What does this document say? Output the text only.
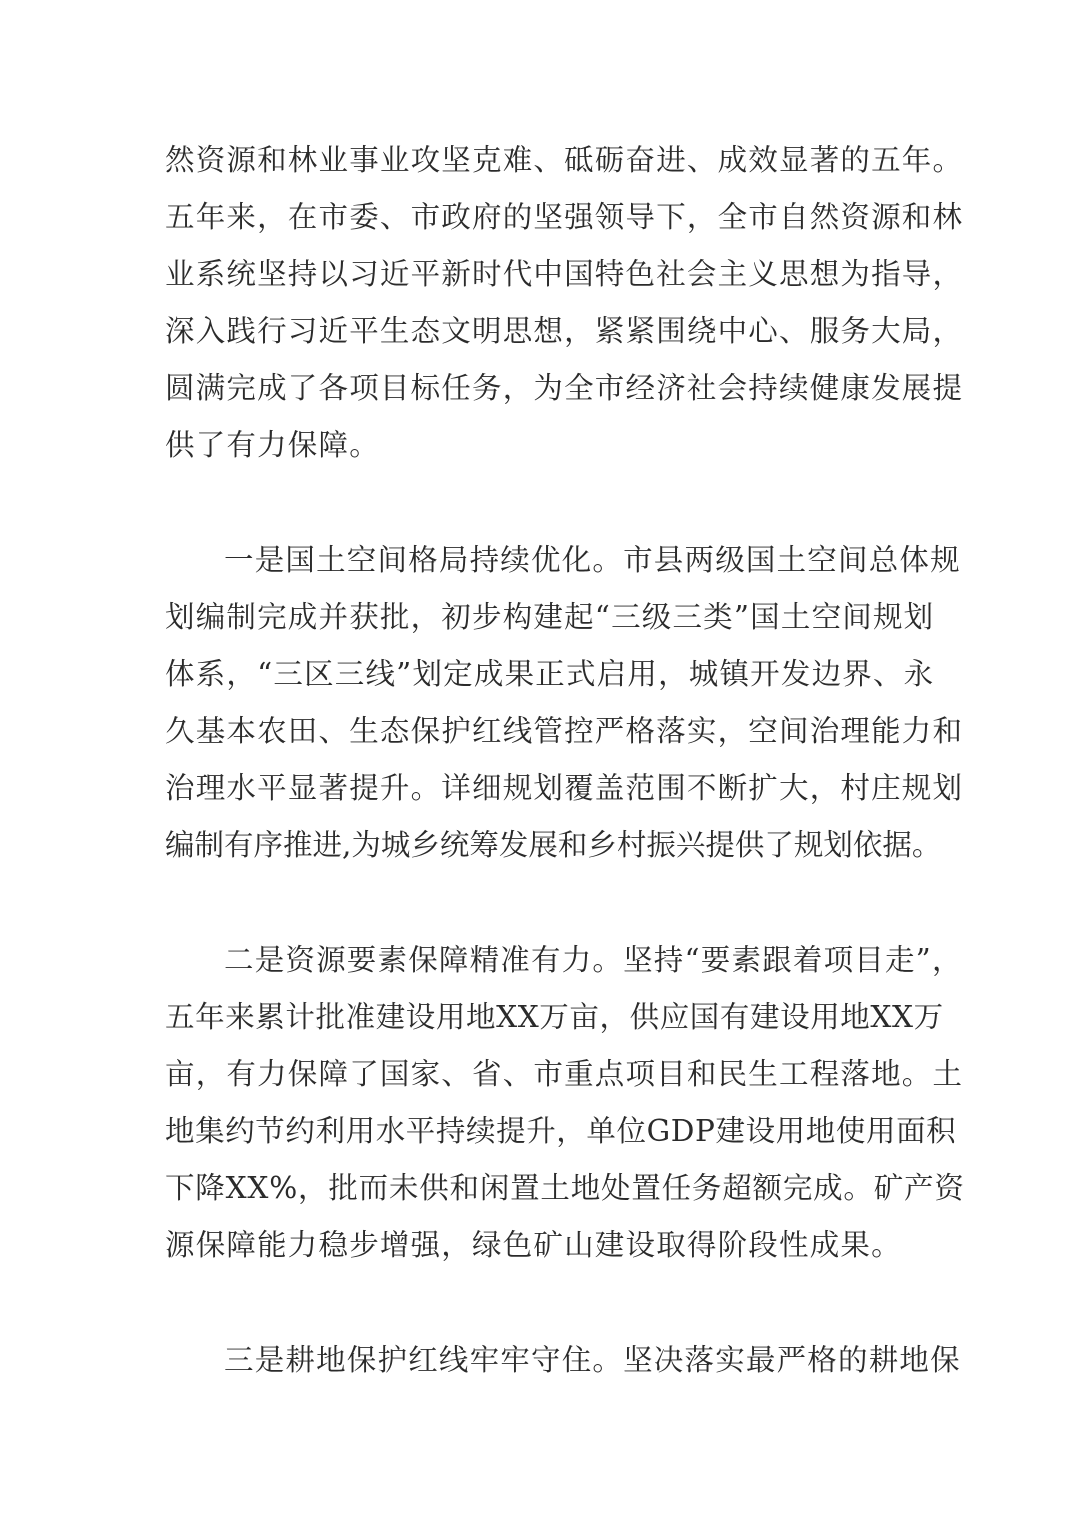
然资源和林业事业攻坚克难、砥砺奋进、成效显著的五年。
五年来，在市委、市政府的坚强领导下，全市自然资源和林
业系统坚持以习近平新时代中国特色社会主义思想为指导，
深入践行习近平生态文明思想，紧紧围绕中心、服务大局，
圆满完成了各项目标任务，为全市经济社会持续健康发展提
供了有力保障。
一是国土空间格局持续优化。市县两级国土空间总体规
划编制完成并获批，初步构建起“三级三类”国土空间规划
体系，“三区三线”划定成果正式启用，城镇开发边界、永
久基本农田、生态保护红线管控严格落实，空间治理能力和
治理水平显著提升。详细规划覆盖范围不断扩大，村庄规划
编制有序推进,为城乡统筹发展和乡村振兴提供了规划依据。
二是资源要素保障精准有力。坚持“要素跟着项目走”，
五年来累计批准建设用地XX万亩，供应国有建设用地XX万
亩，有力保障了国家、省、市重点项目和民生工程落地。土
地集约节约利用水平持续提升，单位GDP建设用地使用面积
下降XX%，批而未供和闲置土地处置任务超额完成。矿产资
源保障能力稳步增强，绿色矿山建设取得阶段性成果。
三是耕地保护红线牢牢守住。坚决落实最严格的耕地保
